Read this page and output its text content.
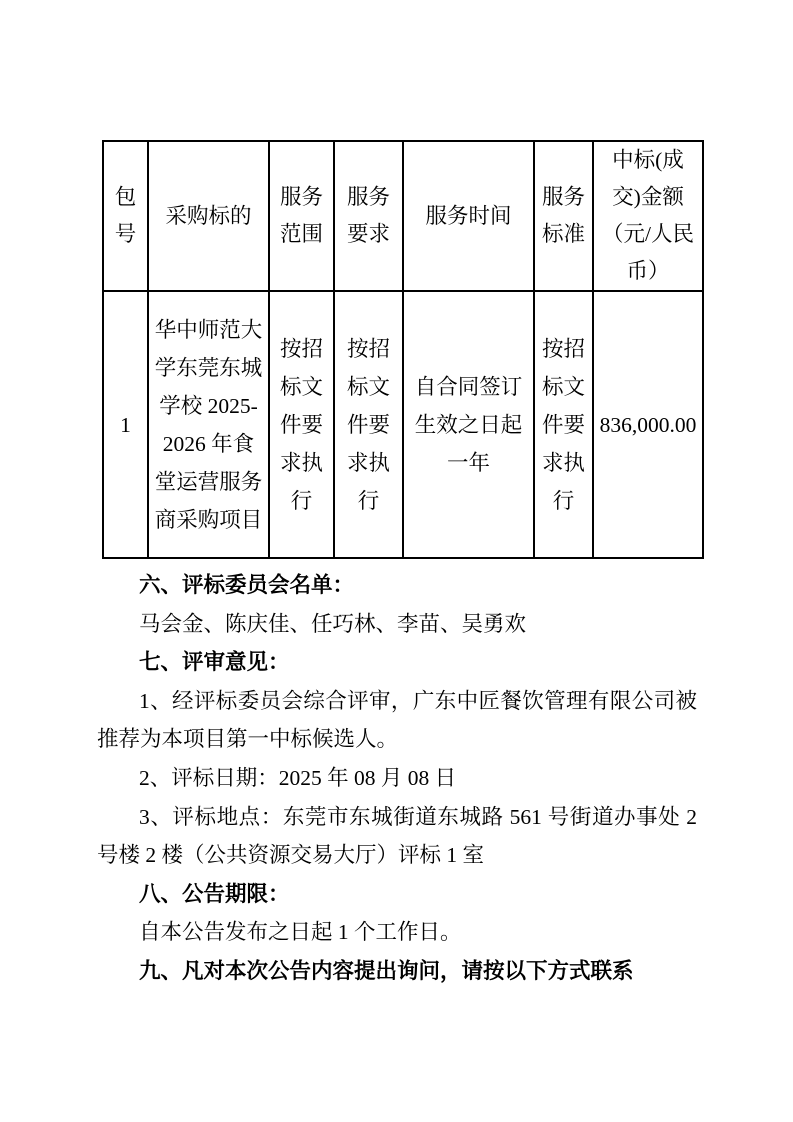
包号	采购标的	服务范围	服务要求	服务时间	服务标准	中标(成交)金额（元/人民币）
1	华中师范大学东莞东城学校 2025-2026 年食堂运营服务商采购项目	按招标文件要求执行	按招标文件要求执行	自合同签订生效之日起一年	按招标文件要求执行	836,000.00

六、评标委员会名单：

马会金、陈庆佳、任巧林、李苗、吴勇欢

七、评审意见：

1、经评标委员会综合评审，广东中匠餐饮管理有限公司被推荐为本项目第一中标候选人。

2、评标日期：2025 年 08 月 08 日

3、评标地点：东莞市东城街道东城路 561 号街道办事处 2 号楼 2 楼（公共资源交易大厅）评标 1 室

八、公告期限：

自本公告发布之日起 1 个工作日。

九、凡对本次公告内容提出询问，请按以下方式联系
